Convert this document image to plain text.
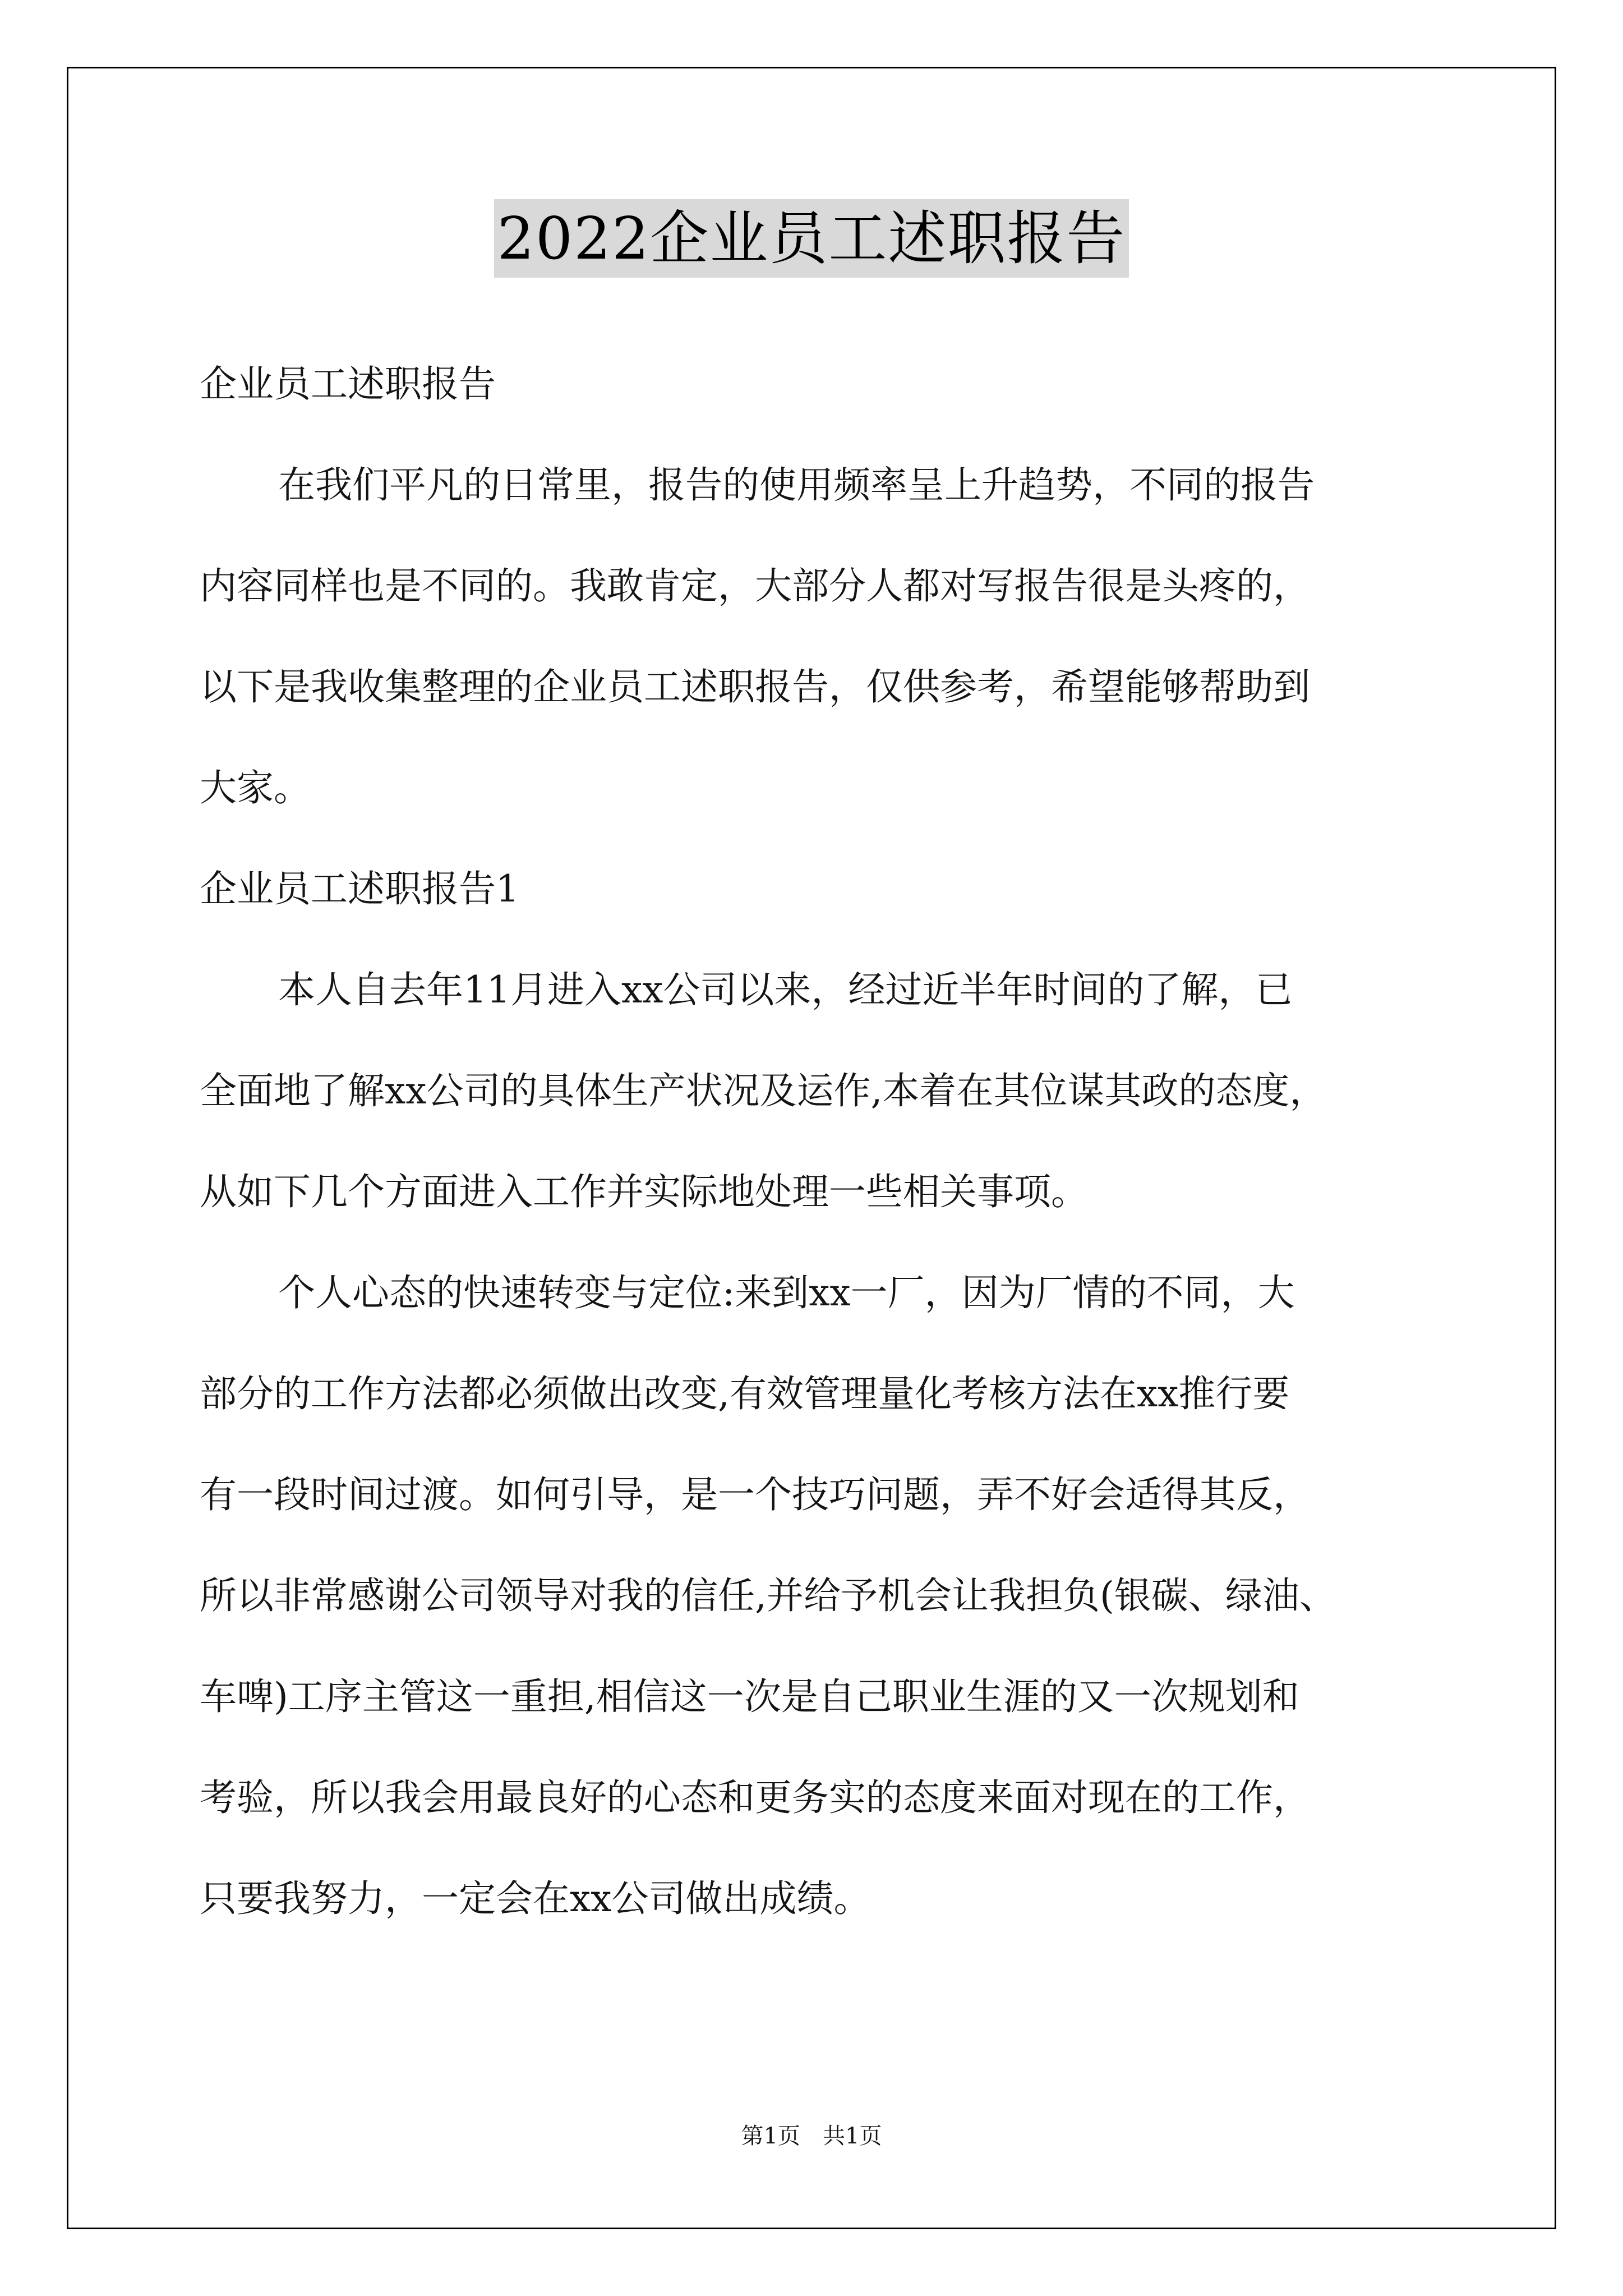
2022企业员工述职报告
企业员工述职报告
在我们平凡的日常里，报告的使用频率呈上升趋势，不同的报告
内容同样也是不同的。我敢肯定，大部分人都对写报告很是头疼的，
以下是我收集整理的企业员工述职报告，仅供参考，希望能够帮助到
大家。
企业员工述职报告1
本人自去年11月进入xx公司以来，经过近半年时间的了解，已
全面地了解xx公司的具体生产状况及运作,本着在其位谋其政的态度，
从如下几个方面进入工作并实际地处理一些相关事项。
个人心态的快速转变与定位:来到xx一厂，因为厂情的不同，大
部分的工作方法都必须做出改变,有效管理量化考核方法在xx推行要
有一段时间过渡。如何引导，是一个技巧问题，弄不好会适得其反，
所以非常感谢公司领导对我的信任,并给予机会让我担负(银碳、绿油、
车啤)工序主管这一重担,相信这一次是自己职业生涯的又一次规划和
考验，所以我会用最良好的心态和更务实的态度来面对现在的工作，
只要我努力，一定会在xx公司做出成绩。
第1页　共1页
